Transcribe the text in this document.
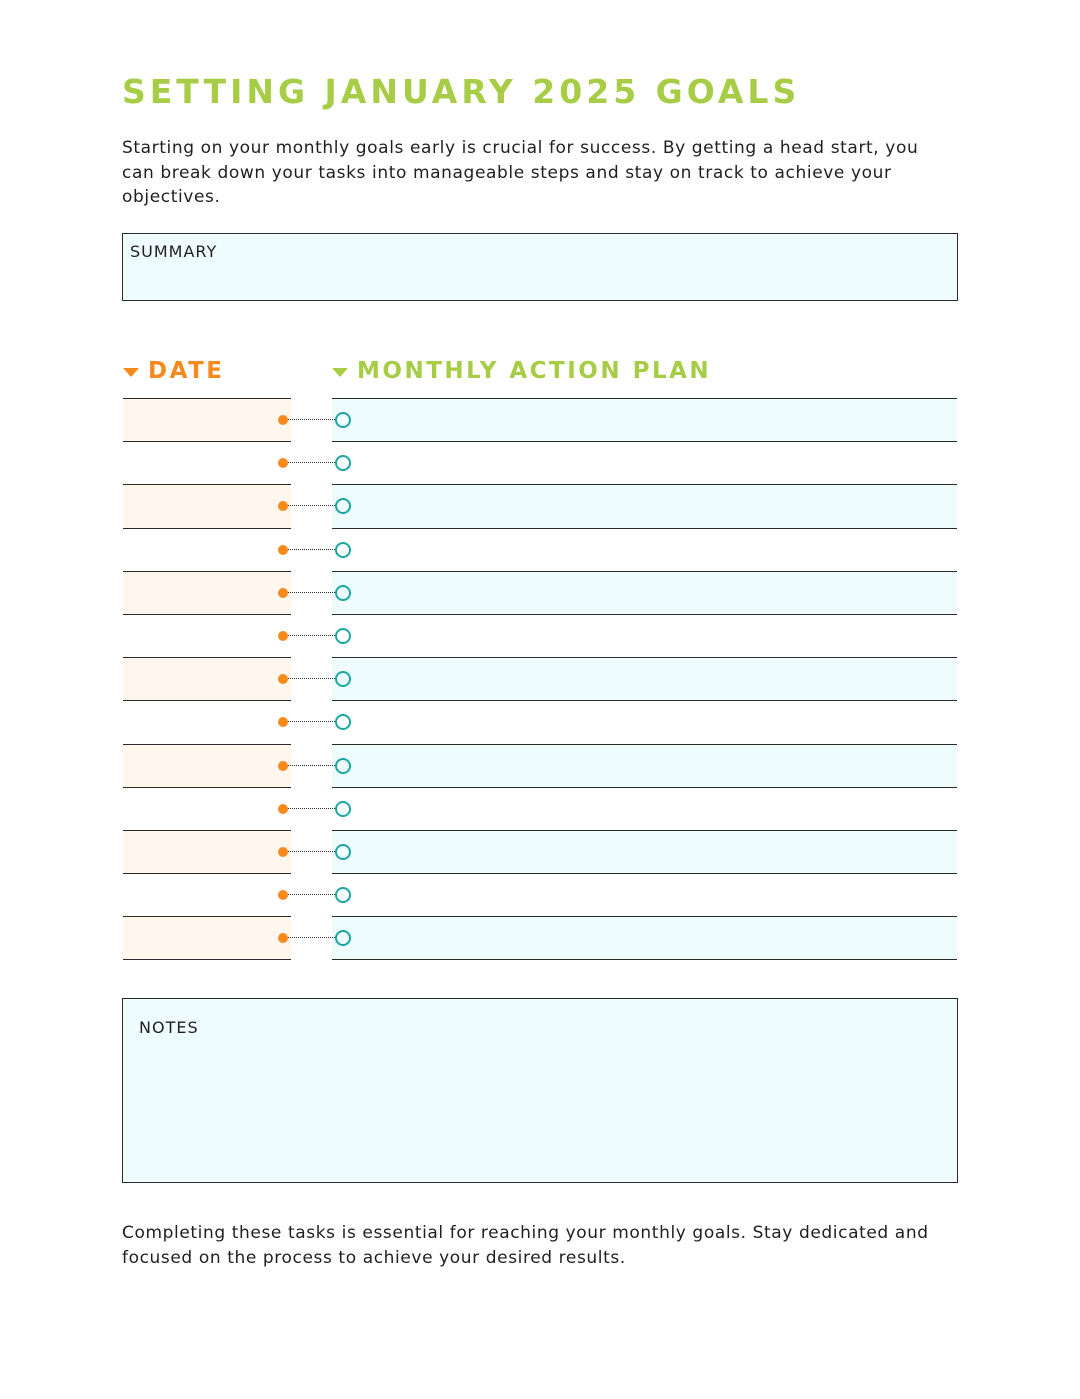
SETTING JANUARY 2025 GOALS

Starting on your monthly goals early is crucial for success. By getting a head start, you can break down your tasks into manageable steps and stay on track to achieve your objectives.

SUMMARY
DATE	MONTHLY ACTION PLAN
NOTES

Completing these tasks is essential for reaching your monthly goals. Stay dedicated and focused on the process to achieve your desired results.
